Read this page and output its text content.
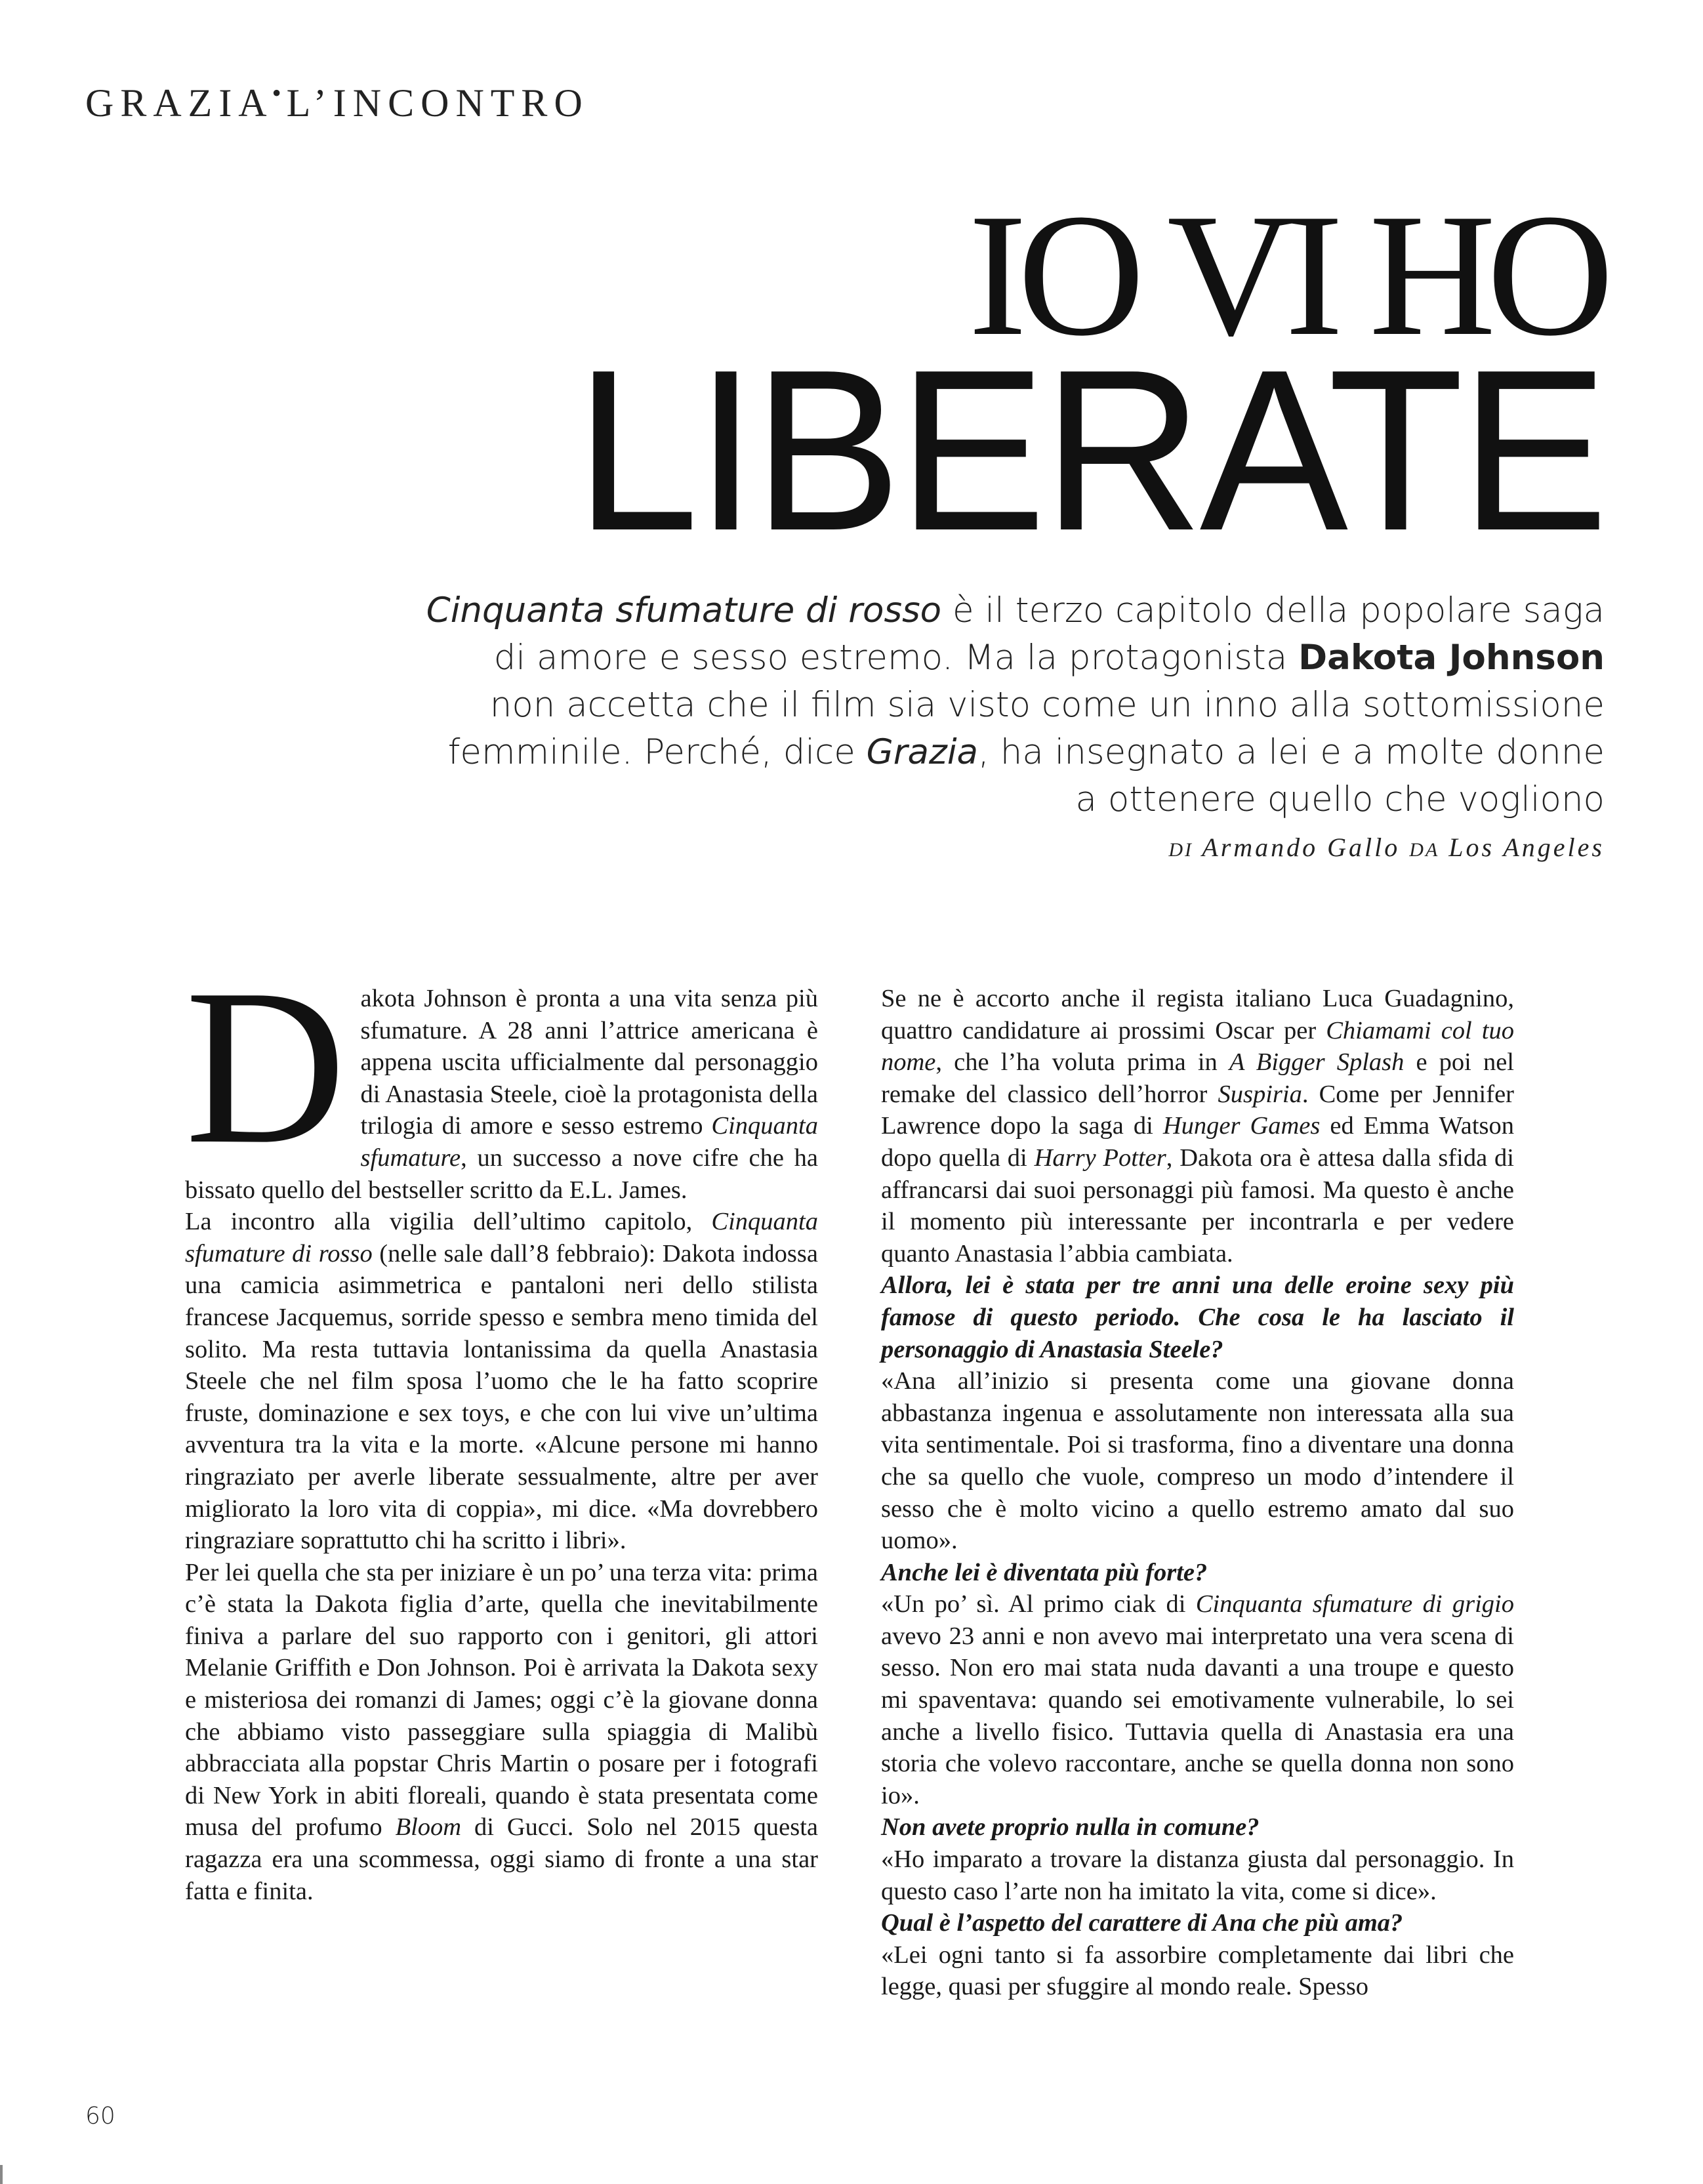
GRAZIA• L’INCONTRO
IO VI HO
LIBERATE
Cinquanta sfumature di rosso è il terzo capitolo della popolare saga di amore e sesso estremo. Ma la protagonista Dakota Johnson non accetta che il film sia visto come un inno alla sottomissione femminile. Perché, dice Grazia, ha insegnato a lei e a molte donne a ottenere quello che vogliono
DI Armando Gallo DA Los Angeles

Dakota Johnson è pronta a una vita senza più sfumature. A 28 anni l’attrice americana è appena uscita ufficialmente dal personaggio di Anastasia Steele, cioè la protagonista della trilogia di amore e sesso estremo Cinquanta sfumature, un successo a nove cifre che ha bissato quello del bestseller scritto da E.L. James.

La incontro alla vigilia dell’ultimo capitolo, Cinquanta sfumature di rosso (nelle sale dall’8 febbraio): Dakota indossa una camicia asimmetrica e pantaloni neri dello stilista francese Jacquemus, sorride spesso e sembra meno timida del solito. Ma resta tuttavia lontanissima da quella Anastasia Steele che nel film sposa l’uomo che le ha fatto scoprire fruste, dominazione e sex toys, e che con lui vive un’ultima avventura tra la vita e la morte. «Alcune persone mi hanno ringraziato per averle liberate sessualmente, altre per aver migliorato la loro vita di coppia», mi dice. «Ma dovrebbero ringraziare soprattutto chi ha scritto i libri».

Per lei quella che sta per iniziare è un po’ una terza vita: prima c’è stata la Dakota figlia d’arte, quella che inevitabilmente finiva a parlare del suo rapporto con i genitori, gli attori Melanie Griffith e Don Johnson. Poi è arrivata la Dakota sexy e misteriosa dei romanzi di James; oggi c’è la giovane donna che abbiamo visto passeggiare sulla spiaggia di Malibù abbracciata alla popstar Chris Martin o posare per i fotografi di New York in abiti floreali, quando è stata presentata come musa del profumo Bloom di Gucci. Solo nel 2015 questa ragazza era una scommessa, oggi siamo di fronte a una star fatta e finita.

Se ne è accorto anche il regista italiano Luca Guadagnino, quattro candidature ai prossimi Oscar per Chiamami col tuo nome, che l’ha voluta prima in A Bigger Splash e poi nel remake del classico dell’horror Suspiria. Come per Jennifer Lawrence dopo la saga di Hunger Games ed Emma Watson dopo quella di Harry Potter, Dakota ora è attesa dalla sfida di affrancarsi dai suoi personaggi più famosi. Ma questo è anche il momento più interessante per incontrarla e per vedere quanto Anastasia l’abbia cambiata.

Allora, lei è stata per tre anni una delle eroine sexy più famose di questo periodo. Che cosa le ha lasciato il personaggio di Anastasia Steele?

«Ana all’inizio si presenta come una giovane donna abbastanza ingenua e assolutamente non interessata alla sua vita sentimentale. Poi si trasforma, fino a diventare una donna che sa quello che vuole, compreso un modo d’intendere il sesso che è molto vicino a quello estremo amato dal suo uomo».

Anche lei è diventata più forte?

«Un po’ sì. Al primo ciak di Cinquanta sfumature di grigio avevo 23 anni e non avevo mai interpretato una vera scena di sesso. Non ero mai stata nuda davanti a una troupe e questo mi spaventava: quando sei emotivamente vulnerabile, lo sei anche a livello fisico. Tuttavia quella di Anastasia era una storia che volevo raccontare, anche se quella donna non sono io».

Non avete proprio nulla in comune?

«Ho imparato a trovare la distanza giusta dal personaggio. In questo caso l’arte non ha imitato la vita, come si dice».

Qual è l’aspetto del carattere di Ana che più ama?

«Lei ogni tanto si fa assorbire completamente dai libri che legge, quasi per sfuggire al mondo reale. Spesso

60
